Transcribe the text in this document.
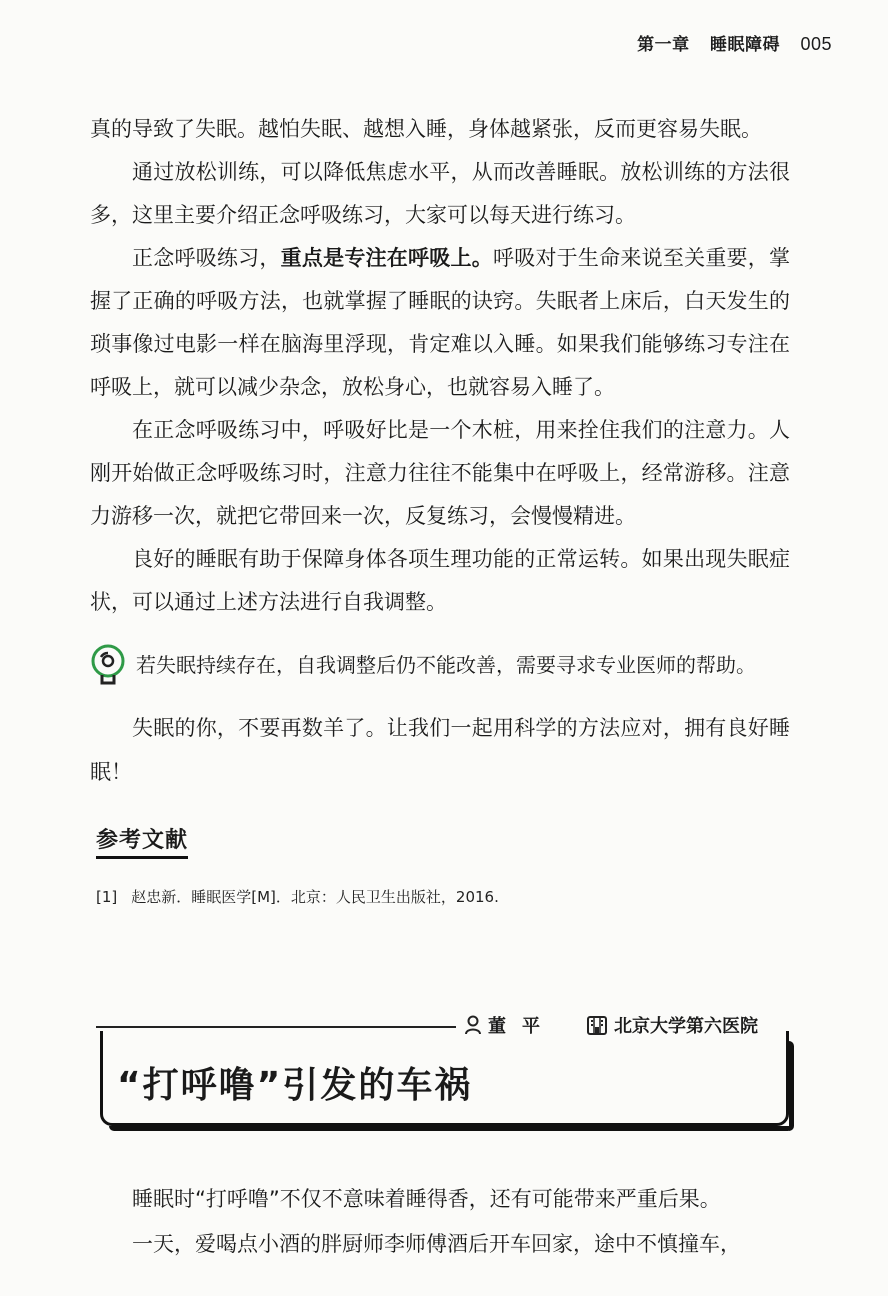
第一章 睡眠障碍 005

真的导致了失眠。越怕失眠、越想入睡，身体越紧张，反而更容易失眠。

通过放松训练，可以降低焦虑水平，从而改善睡眠。放松训练的方法很多，这里主要介绍正念呼吸练习，大家可以每天进行练习。

正念呼吸练习，重点是专注在呼吸上。呼吸对于生命来说至关重要，掌握了正确的呼吸方法，也就掌握了睡眠的诀窍。失眠者上床后，白天发生的琐事像过电影一样在脑海里浮现，肯定难以入睡。如果我们能够练习专注在呼吸上，就可以减少杂念，放松身心，也就容易入睡了。

在正念呼吸练习中，呼吸好比是一个木桩，用来拴住我们的注意力。人刚开始做正念呼吸练习时，注意力往往不能集中在呼吸上，经常游移。注意力游移一次，就把它带回来一次，反复练习，会慢慢精进。

良好的睡眠有助于保障身体各项生理功能的正常运转。如果出现失眠症状，可以通过上述方法进行自我调整。

若失眠持续存在，自我调整后仍不能改善，需要寻求专业医师的帮助。

失眠的你，不要再数羊了。让我们一起用科学的方法应对，拥有良好睡眠！

参考文献
[1] 赵忠新．睡眠医学[M]．北京：人民卫生出版社，2016.
董平	北京大学第六医院
“打呼噜”引发的车祸

睡眠时“打呼噜”不仅不意味着睡得香，还有可能带来严重后果。

一天，爱喝点小酒的胖厨师李师傅酒后开车回家，途中不慎撞车，
